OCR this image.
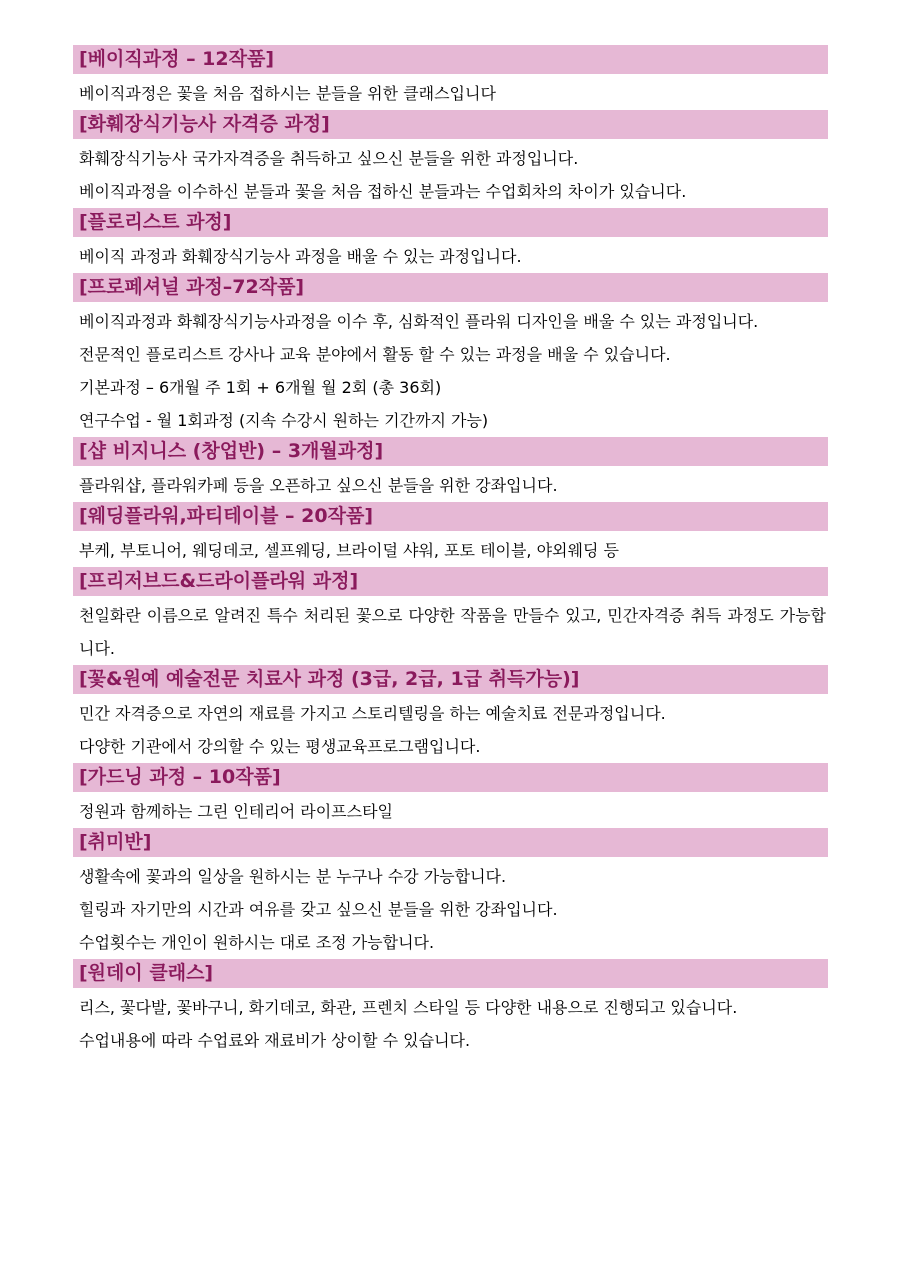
[베이직과정 – 12작품]
베이직과정은 꽃을 처음 접하시는 분들을 위한 클래스입니다
[화훼장식기능사 자격증 과정]
화훼장식기능사 국가자격증을 취득하고 싶으신 분들을 위한 과정입니다.
베이직과정을 이수하신 분들과 꽃을 처음 접하신 분들과는 수업회차의 차이가 있습니다.
[플로리스트 과정]
베이직 과정과 화훼장식기능사 과정을 배울 수 있는 과정입니다.
[프로페셔널 과정–72작품]
베이직과정과 화훼장식기능사과정을 이수 후, 심화적인 플라워 디자인을 배울 수 있는 과정입니다.
전문적인 플로리스트 강사나 교육 분야에서 활동 할 수 있는 과정을 배울 수 있습니다.
기본과정 – 6개월 주 1회 + 6개월 월 2회 (총 36회)
연구수업 - 월 1회과정 (지속 수강시 원하는 기간까지 가능)
[샵 비지니스 (창업반) – 3개월과정]
플라워샵, 플라워카페 등을 오픈하고 싶으신 분들을 위한 강좌입니다.
[웨딩플라워,파티테이블 – 20작품]
부케, 부토니어, 웨딩데코, 셀프웨딩, 브라이덜 샤워, 포토 테이블, 야외웨딩 등
[프리저브드&드라이플라워 과정]
천일화란 이름으로 알려진 특수 처리된 꽃으로 다양한 작품을 만들수 있고, 민간자격증 취득 과정도 가능합니다.
[꽃&원예 예술전문 치료사 과정 (3급, 2급, 1급 취득가능)]
민간 자격증으로 자연의 재료를 가지고 스토리텔링을 하는 예술치료 전문과정입니다.
다양한 기관에서 강의할 수 있는 평생교육프로그램입니다.
[가드닝 과정 – 10작품]
정원과 함께하는 그린 인테리어 라이프스타일
[취미반]
생활속에 꽃과의 일상을 원하시는 분 누구나 수강 가능합니다.
힐링과 자기만의 시간과 여유를 갖고 싶으신 분들을 위한 강좌입니다.
수업횟수는 개인이 원하시는 대로 조정 가능합니다.
[원데이 클래스]
리스, 꽃다발, 꽃바구니, 화기데코, 화관, 프렌치 스타일 등 다양한 내용으로 진행되고 있습니다.
수업내용에 따라 수업료와 재료비가 상이할 수 있습니다.
